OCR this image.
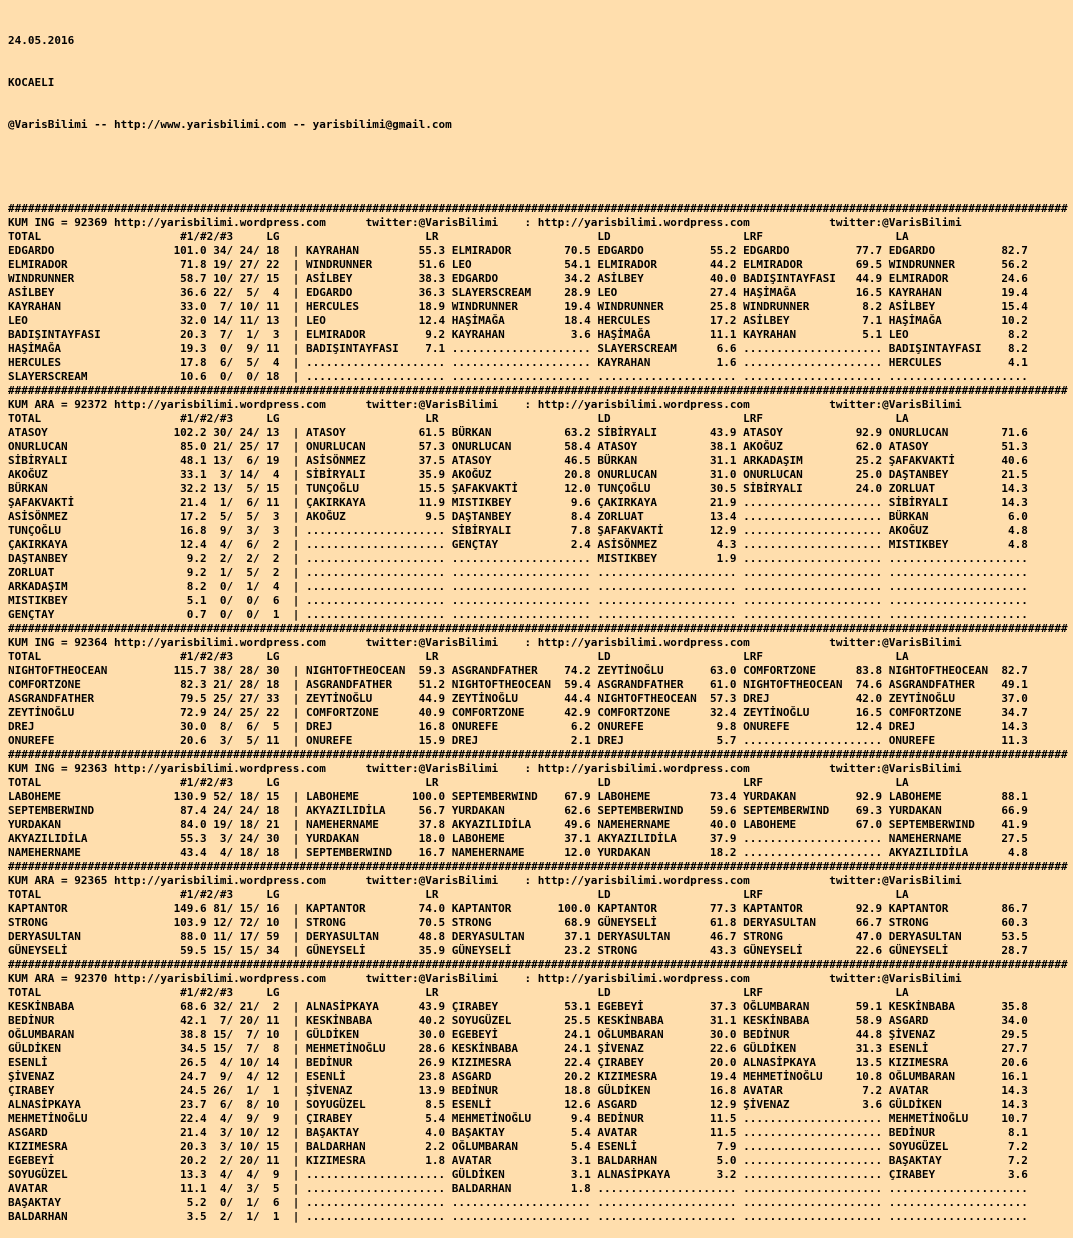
24.05.2016

KOCAELI

@VarisBilimi -- http://www.yarisbilimi.com -- yarisbilimi@gmail.com

################################################################################################################################################################
KUM ING = 92369 http://yarisbilimi.wordpress.com      twitter:@VarisBilimi    : http://yarisbilimi.wordpress.com            twitter:@VarisBilimi
TOTAL                     #1/#2/#3     LG                      LR                        LD                    LRF                    LA
EDGARDO                  101.0 34/ 24/ 18  | KAYRAHAN         55.3 ELMIRADOR        70.5 EDGARDO          55.2 EDGARDO          77.7 EDGARDO          82.7
ELMIRADOR                 71.8 19/ 27/ 22  | WINDRUNNER       51.6 LEO              54.1 ELMIRADOR        44.2 ELMIRADOR        69.5 WINDRUNNER       56.2
WINDRUNNER                58.7 10/ 27/ 15  | ASİLBEY          38.3 EDGARDO          34.2 ASİLBEY          40.0 BADIŞINTAYFASI   44.9 ELMIRADOR        24.6
ASİLBEY                   36.6 22/  5/  4  | EDGARDO          36.3 SLAYERSCREAM     28.9 LEO              27.4 HAŞİMAĞA         16.5 KAYRAHAN         19.4
KAYRAHAN                  33.0  7/ 10/ 11  | HERCULES         18.9 WINDRUNNER       19.4 WINDRUNNER       25.8 WINDRUNNER        8.2 ASİLBEY          15.4
LEO                       32.0 14/ 11/ 13  | LEO              12.4 HAŞİMAĞA         18.4 HERCULES         17.2 ASİLBEY           7.1 HAŞİMAĞA         10.2
BADIŞINTAYFASI            20.3  7/  1/  3  | ELMIRADOR         9.2 KAYRAHAN          3.6 HAŞİMAĞA         11.1 KAYRAHAN          5.1 LEO               8.2
HAŞİMAĞA                  19.3  0/  9/ 11  | BADIŞINTAYFASI    7.1 ..................... SLAYERSCREAM      6.6 ..................... BADIŞINTAYFASI    8.2
HERCULES                  17.8  6/  5/  4  | ..................... ..................... KAYRAHAN          1.6 ..................... HERCULES          4.1
SLAYERSCREAM              10.6  0/  0/ 18  | ..................... ..................... ..................... ..................... .....................
################################################################################################################################################################
KUM ARA = 92372 http://yarisbilimi.wordpress.com      twitter:@VarisBilimi    : http://yarisbilimi.wordpress.com            twitter:@VarisBilimi
TOTAL                     #1/#2/#3     LG                      LR                        LD                    LRF                    LA
ATASOY                   102.2 30/ 24/ 13  | ATASOY           61.5 BÜRKAN           63.2 SİBİRYALI        43.9 ATASOY           92.9 ONURLUCAN        71.6
ONURLUCAN                 85.0 21/ 25/ 17  | ONURLUCAN        57.3 ONURLUCAN        58.4 ATASOY           38.1 AKOĞUZ           62.0 ATASOY           51.3
SİBİRYALI                 48.1 13/  6/ 19  | ASİSÖNMEZ        37.5 ATASOY           46.5 BÜRKAN           31.1 ARKADAŞIM        25.2 ŞAFAKVAKTİ       40.6
AKOĞUZ                    33.1  3/ 14/  4  | SİBİRYALI        35.9 AKOĞUZ           20.8 ONURLUCAN        31.0 ONURLUCAN        25.0 DAŞTANBEY        21.5
BÜRKAN                    32.2 13/  5/ 15  | TUNÇOĞLU         15.5 ŞAFAKVAKTİ       12.0 TUNÇOĞLU         30.5 SİBİRYALI        24.0 ZORLUAT          14.3
ŞAFAKVAKTİ                21.4  1/  6/ 11  | ÇAKIRKAYA        11.9 MISTIKBEY         9.6 ÇAKIRKAYA        21.9 ..................... SİBİRYALI        14.3
ASİSÖNMEZ                 17.2  5/  5/  3  | AKOĞUZ            9.5 DAŞTANBEY         8.4 ZORLUAT          13.4 ..................... BÜRKAN            6.0
TUNÇOĞLU                  16.8  9/  3/  3  | ..................... SİBİRYALI         7.8 ŞAFAKVAKTİ       12.9 ..................... AKOĞUZ            4.8
ÇAKIRKAYA                 12.4  4/  6/  2  | ..................... GENÇTAY           2.4 ASİSÖNMEZ         4.3 ..................... MISTIKBEY         4.8
DAŞTANBEY                  9.2  2/  2/  2  | ..................... ..................... MISTIKBEY         1.9 ..................... .....................
ZORLUAT                    9.2  1/  5/  2  | ..................... ..................... ..................... ..................... .....................
ARKADAŞIM                  8.2  0/  1/  4  | ..................... ..................... ..................... ..................... .....................
MISTIKBEY                  5.1  0/  0/  6  | ..................... ..................... ..................... ..................... .....................
GENÇTAY                    0.7  0/  0/  1  | ..................... ..................... ..................... ..................... .....................
################################################################################################################################################################
KUM ING = 92364 http://yarisbilimi.wordpress.com      twitter:@VarisBilimi    : http://yarisbilimi.wordpress.com            twitter:@VarisBilimi
TOTAL                     #1/#2/#3     LG                      LR                        LD                    LRF                    LA
NIGHTOFTHEOCEAN          115.7 38/ 28/ 30  | NIGHTOFTHEOCEAN  59.3 ASGRANDFATHER    74.2 ZEYTİNOĞLU       63.0 COMFORTZONE      83.8 NIGHTOFTHEOCEAN  82.7
COMFORTZONE               82.3 21/ 28/ 18  | ASGRANDFATHER    51.2 NIGHTOFTHEOCEAN  59.4 ASGRANDFATHER    61.0 NIGHTOFTHEOCEAN  74.6 ASGRANDFATHER    49.1
ASGRANDFATHER             79.5 25/ 27/ 33  | ZEYTİNOĞLU       44.9 ZEYTİNOĞLU       44.4 NIGHTOFTHEOCEAN  57.3 DREJ             42.0 ZEYTİNOĞLU       37.0
ZEYTİNOĞLU                72.9 24/ 25/ 22  | COMFORTZONE      40.9 COMFORTZONE      42.9 COMFORTZONE      32.4 ZEYTİNOĞLU       16.5 COMFORTZONE      34.7
DREJ                      30.0  8/  6/  5  | DREJ             16.8 ONUREFE           6.2 ONUREFE           9.8 ONUREFE          12.4 DREJ             14.3
ONUREFE                   20.6  3/  5/ 11  | ONUREFE          15.9 DREJ              2.1 DREJ              5.7 ..................... ONUREFE          11.3
################################################################################################################################################################
KUM ING = 92363 http://yarisbilimi.wordpress.com      twitter:@VarisBilimi    : http://yarisbilimi.wordpress.com            twitter:@VarisBilimi
TOTAL                     #1/#2/#3     LG                      LR                        LD                    LRF                    LA
LABOHEME                 130.9 52/ 18/ 15  | LABOHEME        100.0 SEPTEMBERWIND    67.9 LABOHEME         73.4 YURDAKAN         92.9 LABOHEME         88.1
SEPTEMBERWIND             87.4 24/ 24/ 18  | AKYAZILIDİLA     56.7 YURDAKAN         62.6 SEPTEMBERWIND    59.6 SEPTEMBERWIND    69.3 YURDAKAN         66.9
YURDAKAN                  84.0 19/ 18/ 21  | NAMEHERNAME      37.8 AKYAZILIDİLA     49.6 NAMEHERNAME      40.0 LABOHEME         67.0 SEPTEMBERWIND    41.9
AKYAZILIDİLA              55.3  3/ 24/ 30  | YURDAKAN         18.0 LABOHEME         37.1 AKYAZILIDİLA     37.9 ..................... NAMEHERNAME      27.5
NAMEHERNAME               43.4  4/ 18/ 18  | SEPTEMBERWIND    16.7 NAMEHERNAME      12.0 YURDAKAN         18.2 ..................... AKYAZILIDİLA      4.8
################################################################################################################################################################
KUM ARA = 92365 http://yarisbilimi.wordpress.com      twitter:@VarisBilimi    : http://yarisbilimi.wordpress.com            twitter:@VarisBilimi
TOTAL                     #1/#2/#3     LG                      LR                        LD                    LRF                    LA
KAPTANTOR                149.6 81/ 15/ 16  | KAPTANTOR        74.0 KAPTANTOR       100.0 KAPTANTOR        77.3 KAPTANTOR        92.9 KAPTANTOR        86.7
STRONG                   103.9 12/ 72/ 10  | STRONG           70.5 STRONG           68.9 GÜNEYSELİ        61.8 DERYASULTAN      66.7 STRONG           60.3
DERYASULTAN               88.0 11/ 17/ 59  | DERYASULTAN      48.8 DERYASULTAN      37.1 DERYASULTAN      46.7 STRONG           47.0 DERYASULTAN      53.5
GÜNEYSELİ                 59.5 15/ 15/ 34  | GÜNEYSELİ        35.9 GÜNEYSELİ        23.2 STRONG           43.3 GÜNEYSELİ        22.6 GÜNEYSELİ        28.7
################################################################################################################################################################
KUM ARA = 92370 http://yarisbilimi.wordpress.com      twitter:@VarisBilimi    : http://yarisbilimi.wordpress.com            twitter:@VarisBilimi
TOTAL                     #1/#2/#3     LG                      LR                        LD                    LRF                    LA
KESKİNBABA                68.6 32/ 21/  2  | ALNASİPKAYA      43.9 ÇIRABEY          53.1 EGEBEYİ          37.3 OĞLUMBARAN       59.1 KESKİNBABA       35.8
BEDİNUR                   42.1  7/ 20/ 11  | KESKİNBABA       40.2 SOYUGÜZEL        25.5 KESKİNBABA       31.1 KESKİNBABA       58.9 ASGARD           34.0
OĞLUMBARAN                38.8 15/  7/ 10  | GÜLDİKEN         30.0 EGEBEYİ          24.1 OĞLUMBARAN       30.0 BEDİNUR          44.8 ŞİVENAZ          29.5
GÜLDİKEN                  34.5 15/  7/  8  | MEHMETİNOĞLU     28.6 KESKİNBABA       24.1 ŞİVENAZ          22.6 GÜLDİKEN         31.3 ESENLİ           27.7
ESENLİ                    26.5  4/ 10/ 14  | BEDİNUR          26.9 KIZIMESRA        22.4 ÇIRABEY          20.0 ALNASİPKAYA      13.5 KIZIMESRA        20.6
ŞİVENAZ                   24.7  9/  4/ 12  | ESENLİ           23.8 ASGARD           20.2 KIZIMESRA        19.4 MEHMETİNOĞLU     10.8 OĞLUMBARAN       16.1
ÇIRABEY                   24.5 26/  1/  1  | ŞİVENAZ          13.9 BEDİNUR          18.8 GÜLDİKEN         16.8 AVATAR            7.2 AVATAR           14.3
ALNASİPKAYA               23.7  6/  8/ 10  | SOYUGÜZEL         8.5 ESENLİ           12.6 ASGARD           12.9 ŞİVENAZ           3.6 GÜLDİKEN         14.3
MEHMETİNOĞLU              22.4  4/  9/  9  | ÇIRABEY           5.4 MEHMETİNOĞLU      9.4 BEDİNUR          11.5 ..................... MEHMETİNOĞLU     10.7
ASGARD                    21.4  3/ 10/ 12  | BAŞAKTAY          4.0 BAŞAKTAY          5.4 AVATAR           11.5 ..................... BEDİNUR           8.1
KIZIMESRA                 20.3  3/ 10/ 15  | BALDARHAN         2.2 OĞLUMBARAN        5.4 ESENLİ            7.9 ..................... SOYUGÜZEL         7.2
EGEBEYİ                   20.2  2/ 20/ 11  | KIZIMESRA         1.8 AVATAR            3.1 BALDARHAN         5.0 ..................... BAŞAKTAY          7.2
SOYUGÜZEL                 13.3  4/  4/  9  | ..................... GÜLDİKEN          3.1 ALNASİPKAYA       3.2 ..................... ÇIRABEY           3.6
AVATAR                    11.1  4/  3/  5  | ..................... BALDARHAN         1.8 ..................... ..................... .....................
BAŞAKTAY                   5.2  0/  1/  6  | ..................... ..................... ..................... ..................... .....................
BALDARHAN                  3.5  2/  1/  1  | ..................... ..................... ..................... ..................... .....................
